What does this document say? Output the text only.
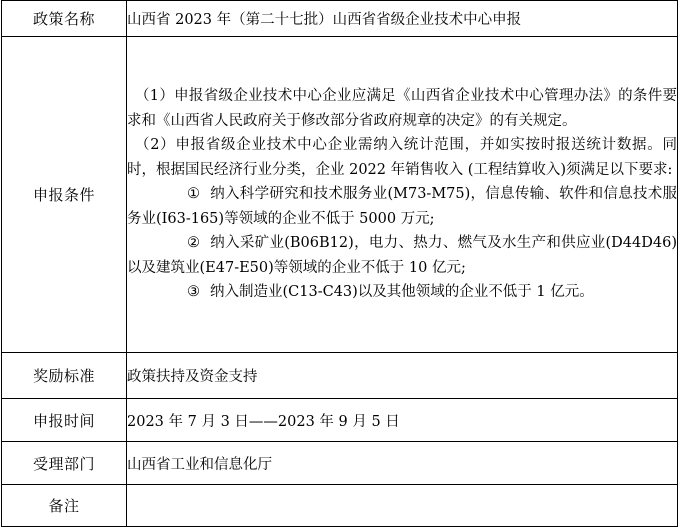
政策名称	山西省 2023 年（第二十七批）山西省省级企业技术中心申报
申报条件	（1）申报省级企业技术中心企业应满足《山西省企业技术中心管理办法》的条件要求和《山西省人民政府关于修改部分省政府规章的决定》的有关规定。

（2）申报省级企业技术中心企业需纳入统计范围，并如实按时报送统计数据。同时，根据国民经济行业分类，企业 2022 年销售收入 (工程结算收入)须满足以下要求:

① 纳入科学研究和技术服务业(M73-M75)，信息传输、软件和信息技术服务业(I63-165)等领域的企业不低于 5000 万元;

② 纳入采矿业(B06B12)，电力、热力、燃气及水生产和供应业(D44D46)以及建筑业(E47-E50)等领域的企业不低于 10 亿元;

③ 纳入制造业(C13-C43)以及其他领域的企业不低于 1 亿元。

奖励标准	政策扶持及资金支持
申报时间	2023 年 7 月 3 日——2023 年 9 月 5 日
受理部门	山西省工业和信息化厅
备注	
